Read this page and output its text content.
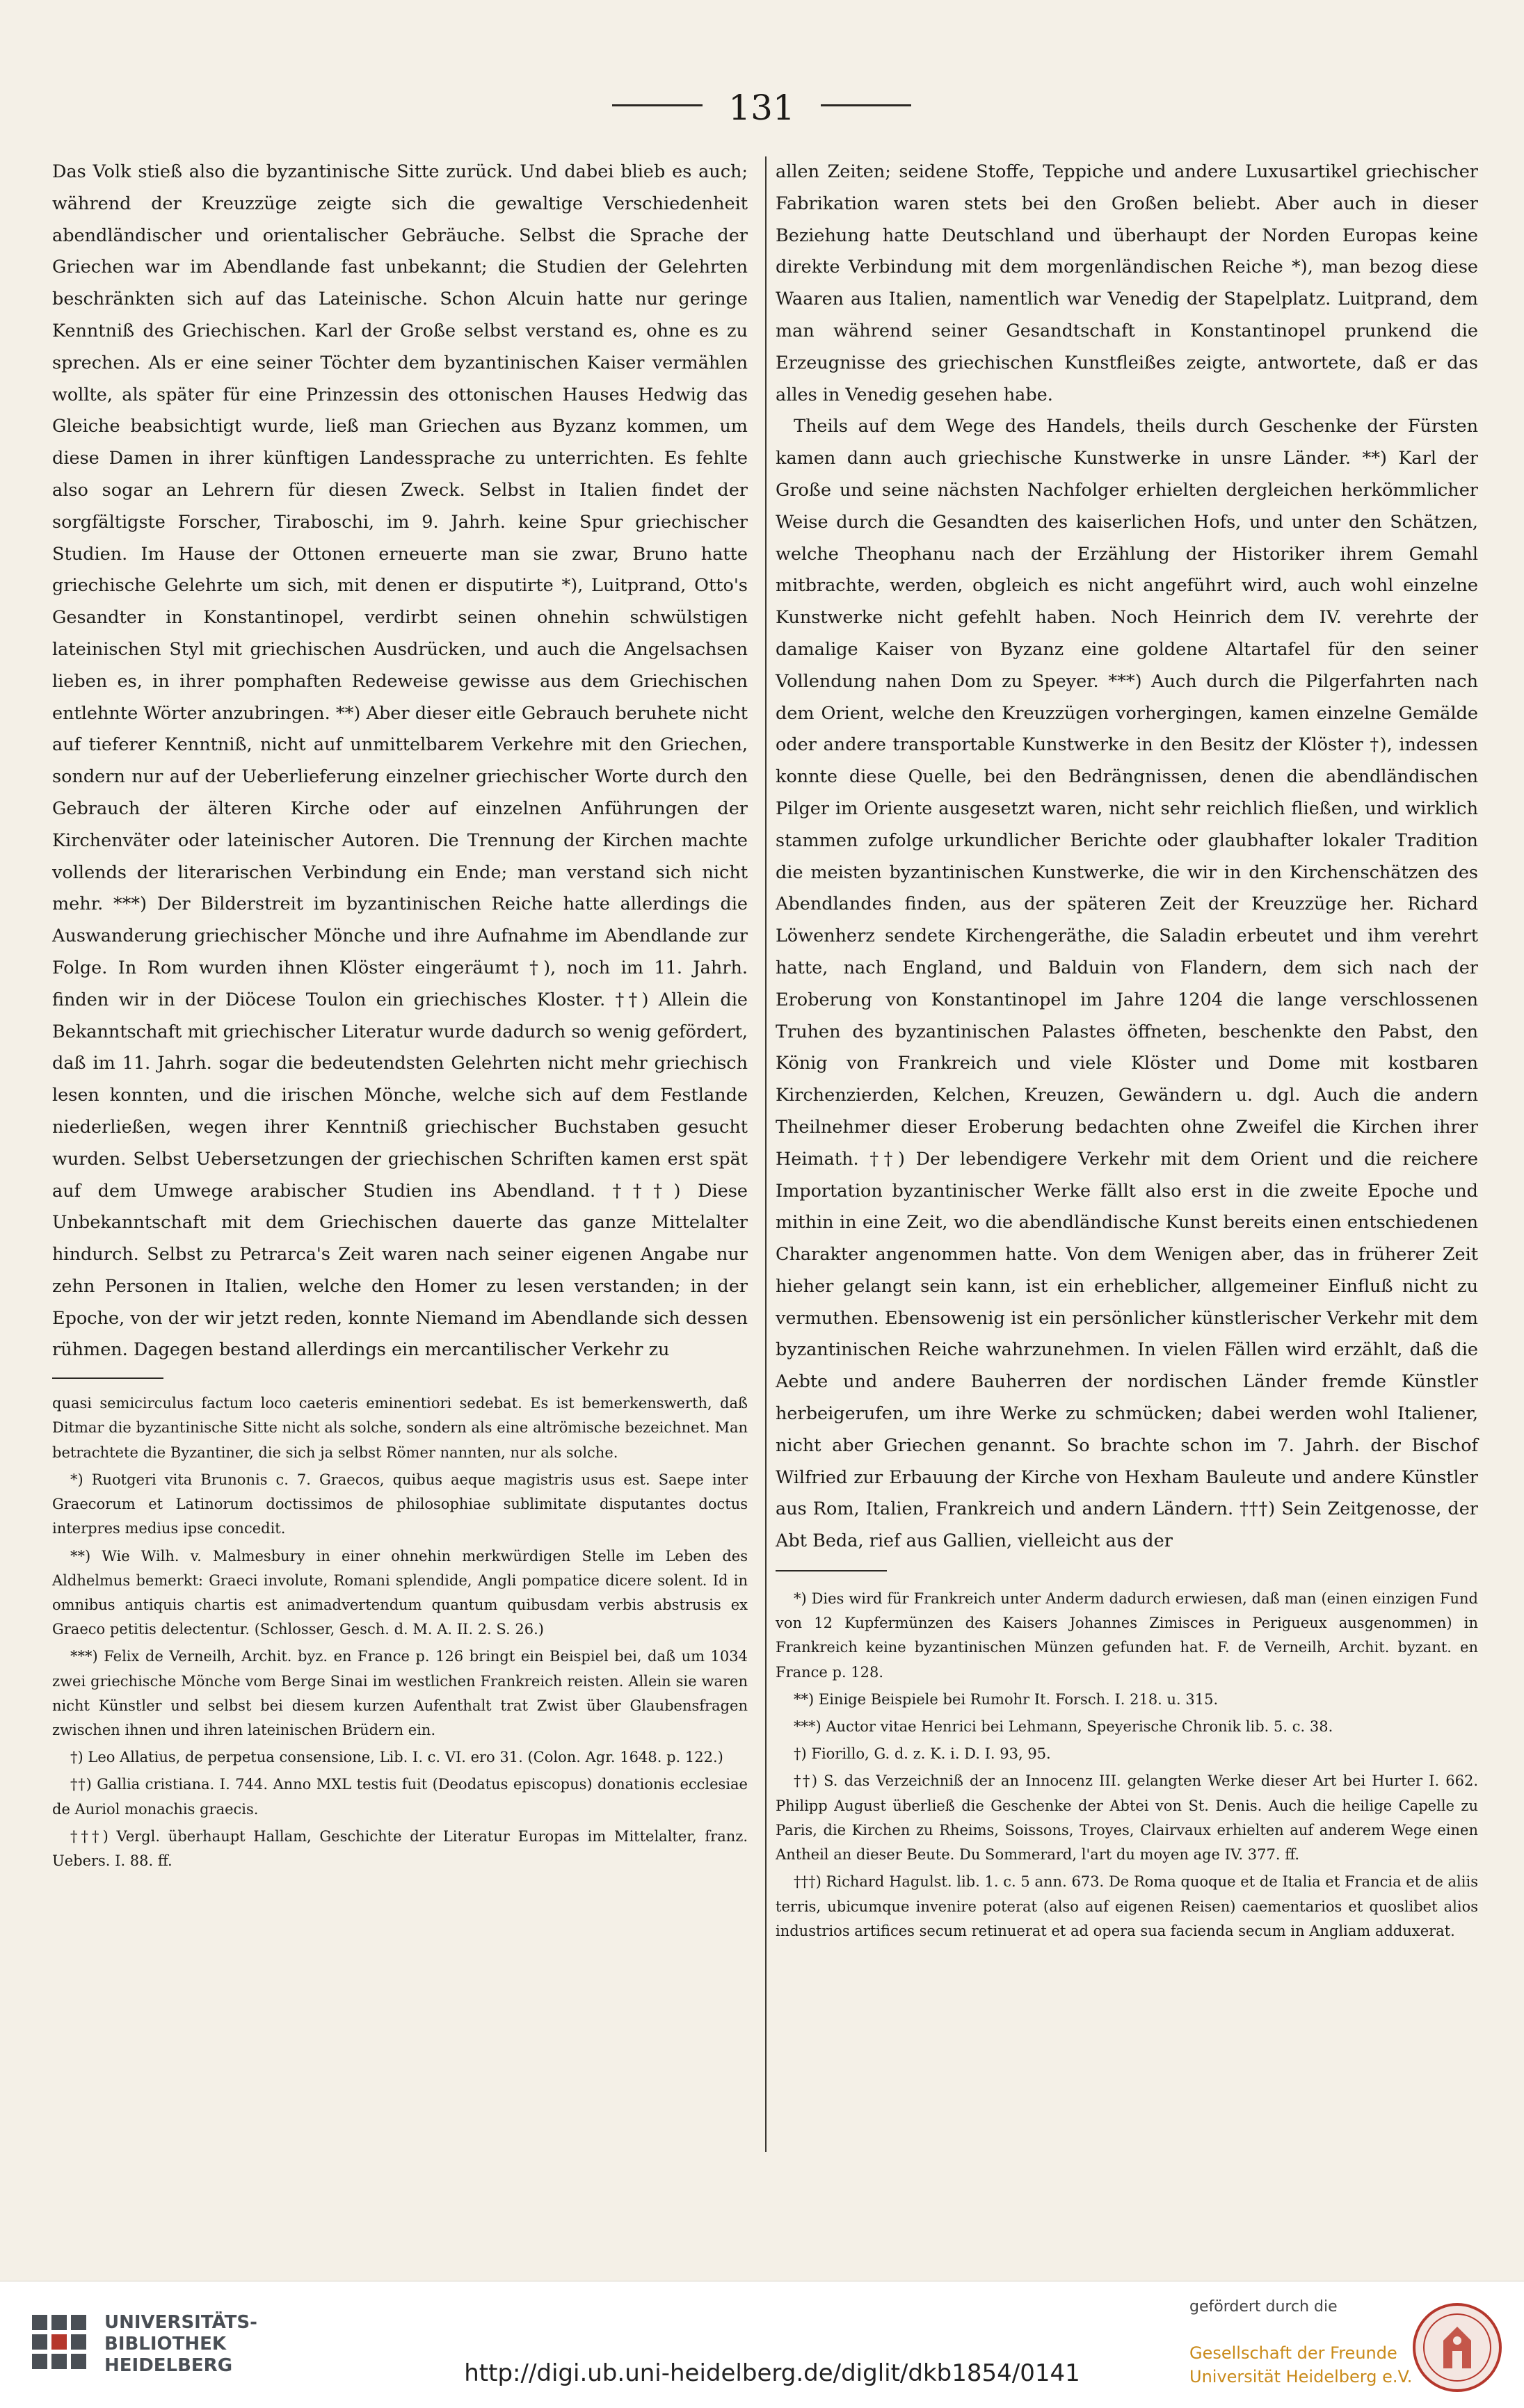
131

Das Volk stieß also die byzantinische Sitte zurück. Und dabei blieb es auch; während der Kreuzzüge zeigte sich die gewaltige Verschiedenheit abendländischer und orientalischer Gebräuche. Selbst die Sprache der Griechen war im Abendlande fast unbekannt; die Studien der Gelehrten beschränkten sich auf das Lateinische. Schon Alcuin hatte nur geringe Kenntniß des Griechischen. Karl der Große selbst verstand es, ohne es zu sprechen. Als er eine seiner Töchter dem byzantinischen Kaiser vermählen wollte, als später für eine Prinzessin des ottonischen Hauses Hedwig das Gleiche beabsichtigt wurde, ließ man Griechen aus Byzanz kommen, um diese Damen in ihrer künftigen Landessprache zu unterrichten. Es fehlte also sogar an Lehrern für diesen Zweck. Selbst in Italien findet der sorgfältigste Forscher, Tiraboschi, im 9. Jahrh. keine Spur griechischer Studien. Im Hause der Ottonen erneuerte man sie zwar, Bruno hatte griechische Gelehrte um sich, mit denen er disputirte *), Luitprand, Otto's Gesandter in Konstantinopel, verdirbt seinen ohnehin schwülstigen lateinischen Styl mit griechischen Ausdrücken, und auch die Angelsachsen lieben es, in ihrer pomphaften Redeweise gewisse aus dem Griechischen entlehnte Wörter anzubringen. **) Aber dieser eitle Gebrauch beruhete nicht auf tieferer Kenntniß, nicht auf unmittelbarem Verkehre mit den Griechen, sondern nur auf der Ueberlieferung einzelner griechischer Worte durch den Gebrauch der älteren Kirche oder auf einzelnen Anführungen der Kirchenväter oder lateinischer Autoren. Die Trennung der Kirchen machte vollends der literarischen Verbindung ein Ende; man verstand sich nicht mehr. ***) Der Bilderstreit im byzantinischen Reiche hatte allerdings die Auswanderung griechischer Mönche und ihre Aufnahme im Abendlande zur Folge. In Rom wurden ihnen Klöster eingeräumt †), noch im 11. Jahrh. finden wir in der Diöcese Toulon ein griechisches Kloster. ††) Allein die Bekanntschaft mit griechischer Literatur wurde dadurch so wenig gefördert, daß im 11. Jahrh. sogar die bedeutendsten Gelehrten nicht mehr griechisch lesen konnten, und die irischen Mönche, welche sich auf dem Festlande niederließen, wegen ihrer Kenntniß griechischer Buchstaben gesucht wurden. Selbst Uebersetzungen der griechischen Schriften kamen erst spät auf dem Umwege arabischer Studien ins Abendland. †††) Diese Unbekanntschaft mit dem Griechischen dauerte das ganze Mittelalter hindurch. Selbst zu Petrarca's Zeit waren nach seiner eigenen Angabe nur zehn Personen in Italien, welche den Homer zu lesen verstanden; in der Epoche, von der wir jetzt reden, konnte Niemand im Abendlande sich dessen rühmen. Dagegen bestand allerdings ein mercantilischer Verkehr zu

quasi semicirculus factum loco caeteris eminentiori sedebat. Es ist bemerkenswerth, daß Ditmar die byzantinische Sitte nicht als solche, sondern als eine altrömische bezeichnet. Man betrachtete die Byzantiner, die sich ja selbst Römer nannten, nur als solche.

*) Ruotgeri vita Brunonis c. 7. Graecos, quibus aeque magistris usus est. Saepe inter Graecorum et Latinorum doctissimos de philosophiae sublimitate disputantes doctus interpres medius ipse concedit.

**) Wie Wilh. v. Malmesbury in einer ohnehin merkwürdigen Stelle im Leben des Aldhelmus bemerkt: Graeci involute, Romani splendide, Angli pompatice dicere solent. Id in omnibus antiquis chartis est animadvertendum quantum quibusdam verbis abstrusis ex Graeco petitis delectentur. (Schlosser, Gesch. d. M. A. II. 2. S. 26.)

***) Felix de Verneilh, Archit. byz. en France p. 126 bringt ein Beispiel bei, daß um 1034 zwei griechische Mönche vom Berge Sinai im westlichen Frankreich reisten. Allein sie waren nicht Künstler und selbst bei diesem kurzen Aufenthalt trat Zwist über Glaubensfragen zwischen ihnen und ihren lateinischen Brüdern ein.

†) Leo Allatius, de perpetua consensione, Lib. I. c. VI. ero 31. (Colon. Agr. 1648. p. 122.)

††) Gallia cristiana. I. 744. Anno MXL testis fuit (Deodatus episcopus) donationis ecclesiae de Auriol monachis graecis.

†††) Vergl. überhaupt Hallam, Geschichte der Literatur Europas im Mittelalter, franz. Uebers. I. 88. ff.

allen Zeiten; seidene Stoffe, Teppiche und andere Luxusartikel griechischer Fabrikation waren stets bei den Großen beliebt. Aber auch in dieser Beziehung hatte Deutschland und überhaupt der Norden Europas keine direkte Verbindung mit dem morgenländischen Reiche *), man bezog diese Waaren aus Italien, namentlich war Venedig der Stapelplatz. Luitprand, dem man während seiner Gesandtschaft in Konstantinopel prunkend die Erzeugnisse des griechischen Kunstfleißes zeigte, antwortete, daß er das alles in Venedig gesehen habe.

Theils auf dem Wege des Handels, theils durch Geschenke der Fürsten kamen dann auch griechische Kunstwerke in unsre Länder. **) Karl der Große und seine nächsten Nachfolger erhielten dergleichen herkömmlicher Weise durch die Gesandten des kaiserlichen Hofs, und unter den Schätzen, welche Theophanu nach der Erzählung der Historiker ihrem Gemahl mitbrachte, werden, obgleich es nicht angeführt wird, auch wohl einzelne Kunstwerke nicht gefehlt haben. Noch Heinrich dem IV. verehrte der damalige Kaiser von Byzanz eine goldene Altartafel für den seiner Vollendung nahen Dom zu Speyer. ***) Auch durch die Pilgerfahrten nach dem Orient, welche den Kreuzzügen vorhergingen, kamen einzelne Gemälde oder andere transportable Kunstwerke in den Besitz der Klöster †), indessen konnte diese Quelle, bei den Bedrängnissen, denen die abendländischen Pilger im Oriente ausgesetzt waren, nicht sehr reichlich fließen, und wirklich stammen zufolge urkundlicher Berichte oder glaubhafter lokaler Tradition die meisten byzantinischen Kunstwerke, die wir in den Kirchenschätzen des Abendlandes finden, aus der späteren Zeit der Kreuzzüge her. Richard Löwenherz sendete Kirchengeräthe, die Saladin erbeutet und ihm verehrt hatte, nach England, und Balduin von Flandern, dem sich nach der Eroberung von Konstantinopel im Jahre 1204 die lange verschlossenen Truhen des byzantinischen Palastes öffneten, beschenkte den Pabst, den König von Frankreich und viele Klöster und Dome mit kostbaren Kirchenzierden, Kelchen, Kreuzen, Gewändern u. dgl. Auch die andern Theilnehmer dieser Eroberung bedachten ohne Zweifel die Kirchen ihrer Heimath. ††) Der lebendigere Verkehr mit dem Orient und die reichere Importation byzantinischer Werke fällt also erst in die zweite Epoche und mithin in eine Zeit, wo die abendländische Kunst bereits einen entschiedenen Charakter angenommen hatte. Von dem Wenigen aber, das in früherer Zeit hieher gelangt sein kann, ist ein erheblicher, allgemeiner Einfluß nicht zu vermuthen. Ebensowenig ist ein persönlicher künstlerischer Verkehr mit dem byzantinischen Reiche wahrzunehmen. In vielen Fällen wird erzählt, daß die Aebte und andere Bauherren der nordischen Länder fremde Künstler herbeigerufen, um ihre Werke zu schmücken; dabei werden wohl Italiener, nicht aber Griechen genannt. So brachte schon im 7. Jahrh. der Bischof Wilfried zur Erbauung der Kirche von Hexham Bauleute und andere Künstler aus Rom, Italien, Frankreich und andern Ländern. †††) Sein Zeitgenosse, der Abt Beda, rief aus Gallien, vielleicht aus der

*) Dies wird für Frankreich unter Anderm dadurch erwiesen, daß man (einen einzigen Fund von 12 Kupfermünzen des Kaisers Johannes Zimisces in Perigueux ausgenommen) in Frankreich keine byzantinischen Münzen gefunden hat. F. de Verneilh, Archit. byzant. en France p. 128.

**) Einige Beispiele bei Rumohr It. Forsch. I. 218. u. 315.

***) Auctor vitae Henrici bei Lehmann, Speyerische Chronik lib. 5. c. 38.

†) Fiorillo, G. d. z. K. i. D. I. 93, 95.

††) S. das Verzeichniß der an Innocenz III. gelangten Werke dieser Art bei Hurter I. 662. Philipp August überließ die Geschenke der Abtei von St. Denis. Auch die heilige Capelle zu Paris, die Kirchen zu Rheims, Soissons, Troyes, Clairvaux erhielten auf anderem Wege einen Antheil an dieser Beute. Du Sommerard, l'art du moyen age IV. 377. ff.

†††) Richard Hagulst. lib. 1. c. 5 ann. 673. De Roma quoque et de Italia et Francia et de aliis terris, ubicumque invenire poterat (also auf eigenen Reisen) caementarios et quoslibet alios industrios artifices secum retinuerat et ad opera sua facienda secum in Angliam adduxerat.

UNIVERSITÄTS-
BIBLIOTHEK
HEIDELBERG	http://digi.ub.uni-heidelberg.de/diglit/dkb1854/0141
gefördert durch die
Gesellschaft der Freunde
Universität Heidelberg e.V.
